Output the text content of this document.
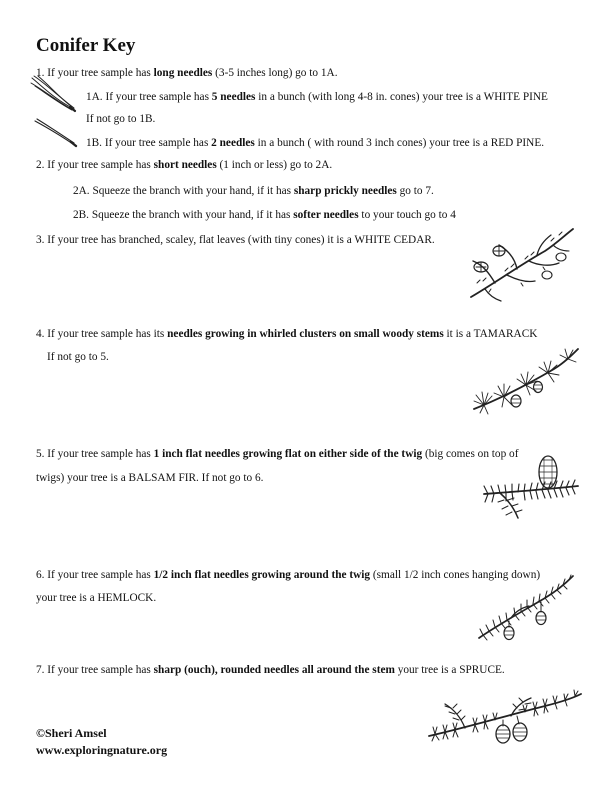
Conifer Key
1. If your tree sample has long needles (3-5 inches long) go to 1A.
1A. If your tree sample has 5 needles in a bunch (with long 4-8 in. cones) your tree is a WHITE PINE
If not go to 1B.
1B. If your tree sample has 2 needles in a bunch ( with round 3 inch cones) your tree is a RED PINE.
2. If your tree sample has short needles (1 inch or less) go to 2A.
2A. Squeeze the branch with your hand, if it has sharp prickly needles go to 7.
2B. Squeeze the branch with your hand, if it has softer needles to your touch go to 4
3. If your tree has branched, scaley, flat leaves (with tiny cones) it is a WHITE CEDAR.
4. If your tree sample has its needles growing in whirled clusters on small woody stems it is a TAMARACK
If not go to 5.
5. If your tree sample has 1 inch flat needles growing flat on either side of the twig (big comes on top of
twigs) your tree is a BALSAM FIR. If not go to 6.
6. If your tree sample has 1/2 inch flat needles growing around the twig (small 1/2 inch cones hanging down)
your tree is a HEMLOCK.
7. If your tree sample has sharp (ouch), rounded needles all around the stem your tree is a SPRUCE.
©Sheri Amsel
www.exploringnature.org
